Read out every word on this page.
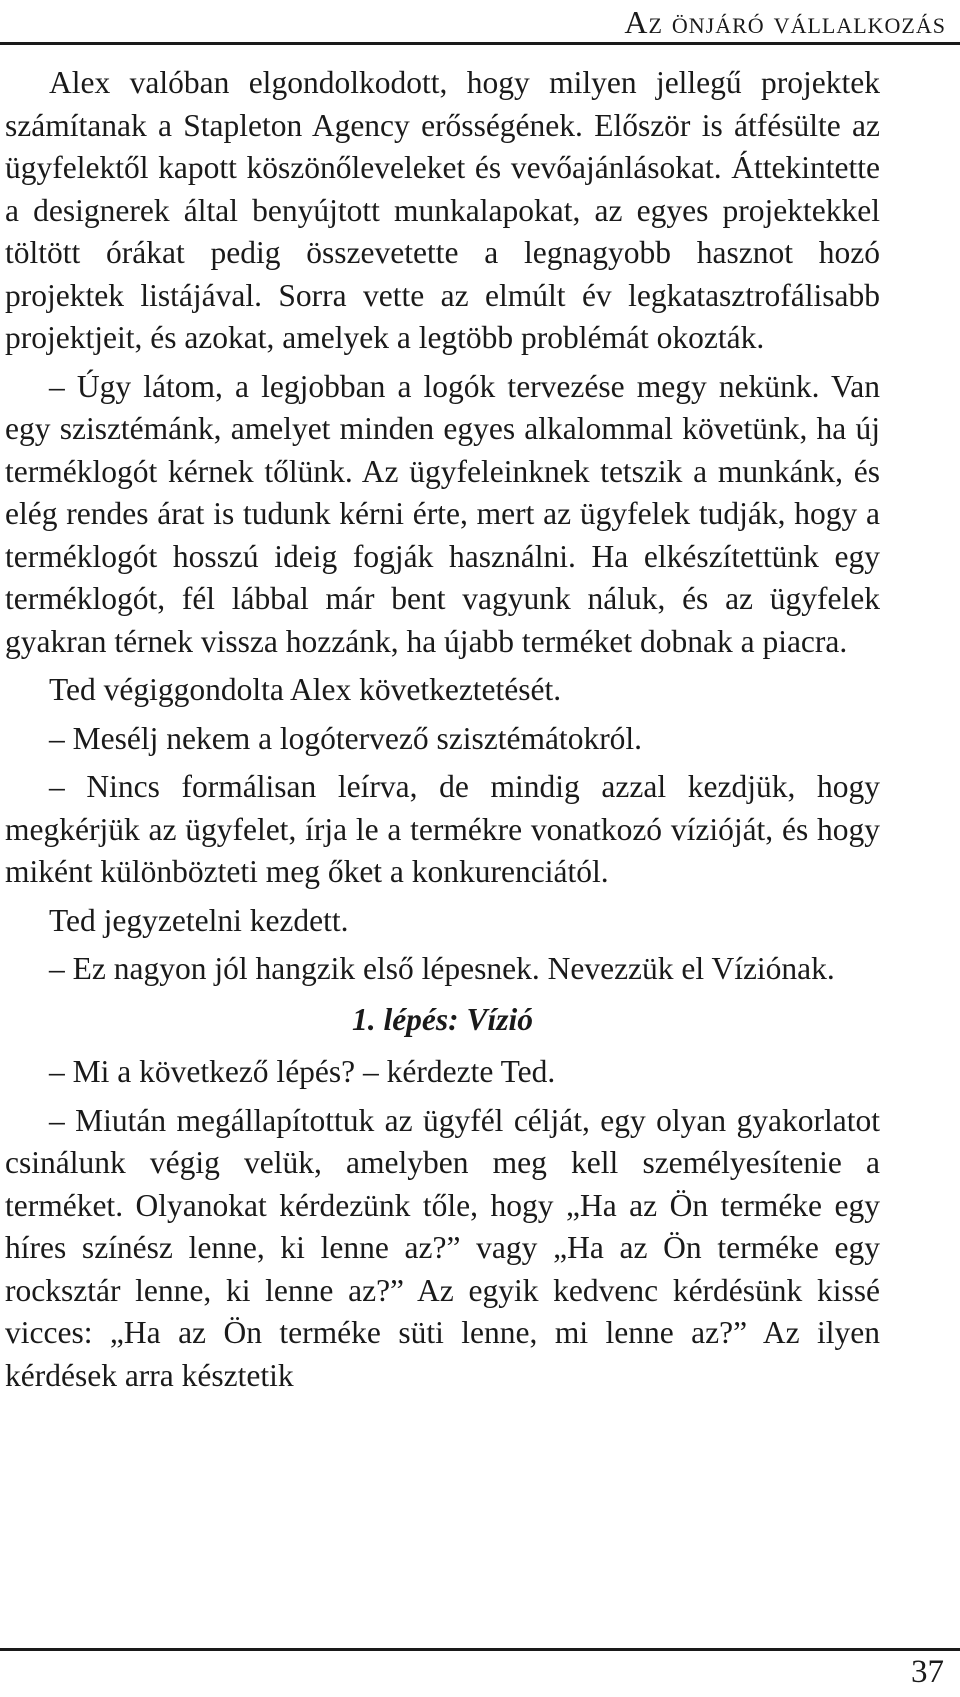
Az önjáró vállalkozás

Alex valóban elgondolkodott, hogy milyen jellegű projektek számítanak a Stapleton Agency erősségének. Először is átfésülte az ügyfelektől kapott köszönőleveleket és vevőajánlásokat. Áttekintette a designerek által benyújtott munkalapokat, az egyes projektekkel töltött órákat pedig összevetette a legnagyobb hasznot hozó projektek listájával. Sorra vette az elmúlt év legkatasztrofálisabb projektjeit, és azokat, amelyek a legtöbb problémát okozták.

– Úgy látom, a legjobban a logók tervezése megy nekünk. Van egy szisztémánk, amelyet minden egyes alkalommal követünk, ha új terméklogót kérnek tőlünk. Az ügyfeleinknek tetszik a munkánk, és elég rendes árat is tudunk kérni érte, mert az ügyfelek tudják, hogy a terméklogót hosszú ideig fogják használni. Ha elkészítettünk egy terméklogót, fél lábbal már bent vagyunk náluk, és az ügyfelek gyakran térnek vissza hozzánk, ha újabb terméket dobnak a piacra.

Ted végiggondolta Alex következtetését.

– Mesélj nekem a logótervező szisztémátokról.

– Nincs formálisan leírva, de mindig azzal kezdjük, hogy megkérjük az ügyfelet, írja le a termékre vonatkozó vízióját, és hogy miként különbözteti meg őket a konkurenciától.

Ted jegyzetelni kezdett.

– Ez nagyon jól hangzik első lépesnek. Nevezzük el Víziónak.

1. lépés: Vízió

– Mi a következő lépés? – kérdezte Ted.

– Miután megállapítottuk az ügyfél célját, egy olyan gyakorlatot csinálunk végig velük, amelyben meg kell személyesítenie a terméket. Olyanokat kérdezünk tőle, hogy „Ha az Ön terméke egy híres színész lenne, ki lenne az?” vagy „Ha az Ön terméke egy rocksztár lenne, ki lenne az?” Az egyik kedvenc kérdésünk kissé vicces: „Ha az Ön terméke süti lenne, mi lenne az?” Az ilyen kérdések arra késztetik

37
